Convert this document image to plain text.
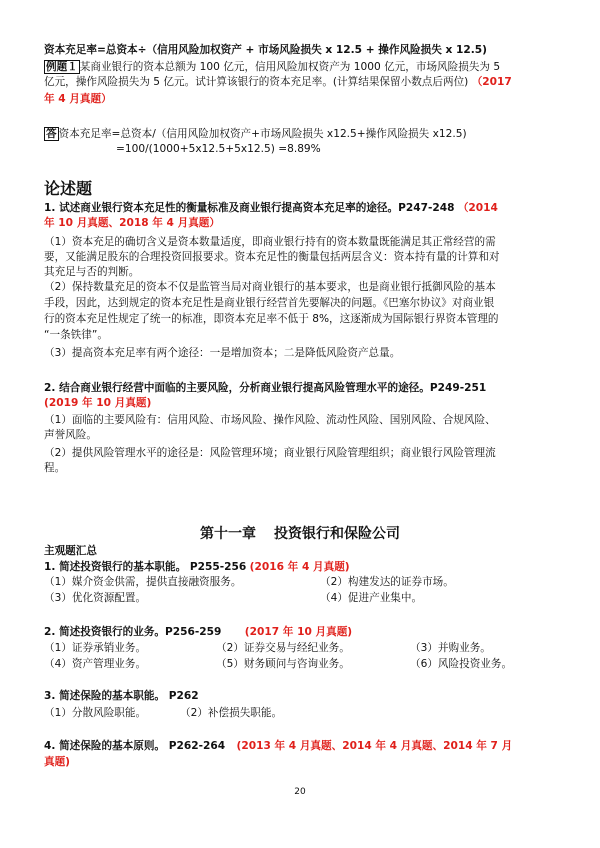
资本充足率=总资本÷（信用风险加权资产 + 市场风险损失 x 12.5 + 操作风险损失 x 12.5)
例题１ 某商业银行的资本总额为 100 亿元，信用风险加权资产为 1000 亿元，市场风险损失为 5
亿元，操作风险损失为 5 亿元。试计算该银行的资本充足率。(计算结果保留小数点后两位) （2017
年 4 月真题）
答 资本充足率=总资本/（信用风险加权资产+市场风险损失 x12.5+操作风险损失 x12.5)
=100/(1000+5x12.5+5x12.5) =8.89%
论述题
1. 试述商业银行资本充足性的衡量标准及商业银行提高资本充足率的途径。P247-248 （2014
年 10 月真题、2018 年 4 月真题）
（1）资本充足的确切含义是资本数量适度，即商业银行持有的资本数量既能满足其正常经营的需
要，又能满足股东的合理投资回报要求。资本充足性的衡量包括两层含义：资本持有量的计算和对
其充足与否的判断。
（2）保持数量充足的资本不仅是监管当局对商业银行的基本要求，也是商业银行抵御风险的基本
手段，因此，达到规定的资本充足性是商业银行经营首先要解决的问题。《巴塞尔协议》对商业银
行的资本充足性规定了统一的标准，即资本充足率不低于 8%，这逐渐成为国际银行界资本管理的
“一条铁律”。
（3）提高资本充足率有两个途径：一是增加资本；二是降低风险资产总量。
2. 结合商业银行经营中面临的主要风险，分析商业银行提高风险管理水平的途径。P249-251
(2019 年 10 月真题)
（1）面临的主要风险有：信用风险、市场风险、操作风险、流动性风险、国别风险、合规风险、
声誉风险。
（2）提供风险管理水平的途径是：风险管理环境；商业银行风险管理组织；商业银行风险管理流
程。
第十一章 投资银行和保险公司
主观题汇总
1. 简述投资银行的基本职能。 P255-256 (2016 年 4 月真题)
（1）媒介资金供需，提供直接融资服务。	（2）构建发达的证券市场。
（3）优化资源配置。	（4）促进产业集中。
2. 简述投资银行的业务。P256-259 (2017 年 10 月真题)
（1）证券承销业务。	（2）证券交易与经纪业务。	（3）并购业务。
（4）资产管理业务。	（5）财务顾问与咨询业务。	（6）风险投资业务。
3. 简述保险的基本职能。 P262
（1）分散风险职能。	（2）补偿损失职能。
4. 简述保险的基本原则。 P262-264 (2013 年 4 月真题、2014 年 4 月真题、2014 年 7 月
真题)
20
